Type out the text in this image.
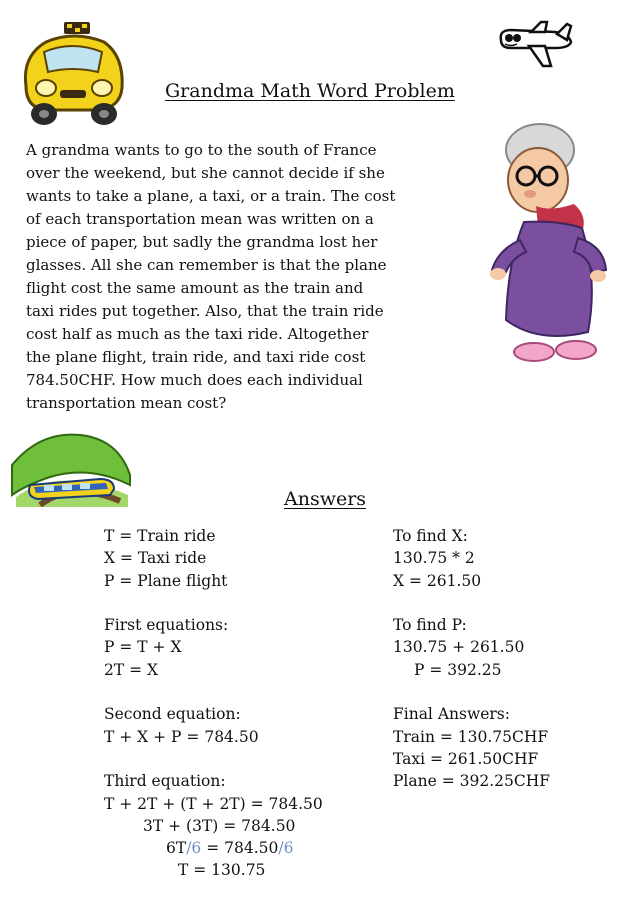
Grandma Math Word Problem
A grandma wants to go to the south of France
over the weekend, but she cannot decide if she
wants to take a plane, a taxi, or a train. The cost
of each transportation mean was written on a
piece of paper, but sadly the grandma lost her
glasses. All she can remember is that the plane
flight cost the same amount as the train and
taxi rides put together. Also, that the train ride
cost half as much as the taxi ride. Altogether
the plane flight, train ride, and taxi ride cost
784.50CHF. How much does each individual
transportation mean cost?
Answers
T = Train ride
X = Taxi ride
P = Plane flight
First equations:
P = T + X
2T = X
Second equation:
T + X + P = 784.50
Third equation:
T + 2T + (T + 2T) = 784.50
3T + (3T) = 784.50
6T/6 = 784.50/6
T = 130.75
To find X:
130.75 * 2
X = 261.50
To find P:
130.75 + 261.50
P = 392.25
Final Answers:
Train = 130.75CHF
Taxi = 261.50CHF
Plane = 392.25CHF
